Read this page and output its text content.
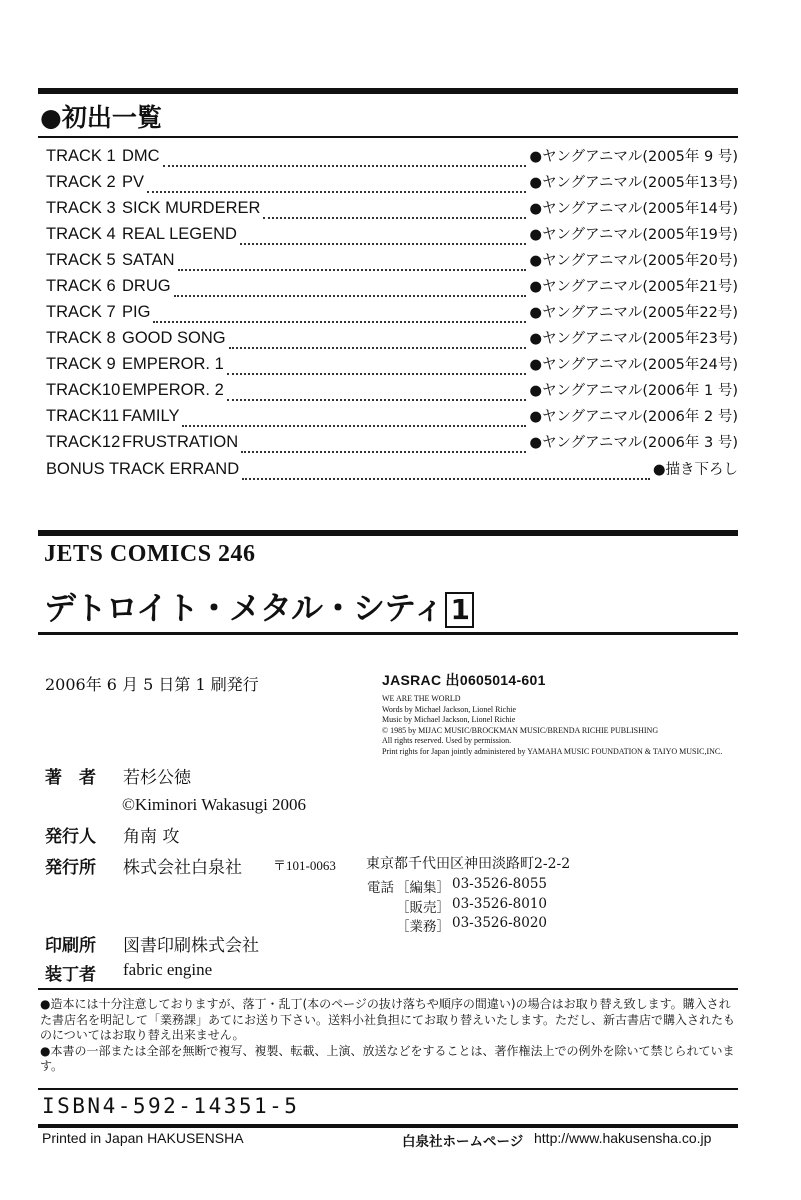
●初出一覧
TRACK 1 DMC	●ヤングアニマル(2005年 9 号)
TRACK 2 PV	●ヤングアニマル(2005年13号)
TRACK 3 SICK MURDERER	●ヤングアニマル(2005年14号)
TRACK 4 REAL LEGEND	●ヤングアニマル(2005年19号)
TRACK 5 SATAN	●ヤングアニマル(2005年20号)
TRACK 6 DRUG	●ヤングアニマル(2005年21号)
TRACK 7 PIG	●ヤングアニマル(2005年22号)
TRACK 8 GOOD SONG	●ヤングアニマル(2005年23号)
TRACK 9 EMPEROR. 1	●ヤングアニマル(2005年24号)
TRACK10 EMPEROR. 2	●ヤングアニマル(2006年 1 号)
TRACK11 FAMILY	●ヤングアニマル(2006年 2 号)
TRACK12 FRUSTRATION	●ヤングアニマル(2006年 3 号)
BONUS TRACK ERRAND	●描き下ろし
JETS COMICS 246
デトロイト・メタル・シティ 1
2006年 6 月 5 日第 1 刷発行	JASRAC 出0605014-601
WE ARE THE WORLD
Words by Michael Jackson, Lionel Richie
Music by Michael Jackson, Lionel Richie
© 1985 by MIJAC MUSIC/BROCKMAN MUSIC/BRENDA RICHIE PUBLISHING
All rights reserved. Used by permission.
Print rights for Japan jointly administered by YAMAHA MUSIC FOUNDATION & TAIYO MUSIC,INC.
著　者 若杉公徳
©Kiminori Wakasugi 2006
発行人 角南 攻
発行所 株式会社白泉社 〒101-0063 東京都千代田区神田淡路町2-2-2
電話 ［編集］ 03-3526-8055
［販売］ 03-3526-8010
［業務］ 03-3526-8020
印刷所 図書印刷株式会社
装丁者 fabric engine

●造本には十分注意しておりますが、落丁・乱丁(本のページの抜け落ちや順序の間違い)の場合はお取り替え致します。購入された書店名を明記して「業務課」あてにお送り下さい。送料小社負担にてお取り替えいたします。ただし、新古書店で購入されたものについてはお取り替え出来ません。

●本書の一部または全部を無断で複写、複製、転載、上演、放送などをすることは、著作権法上での例外を除いて禁じられています。

ISBN4-592-14351-5
Printed in Japan HAKUSENSHA	白泉社ホームページ http://www.hakusensha.co.jp
